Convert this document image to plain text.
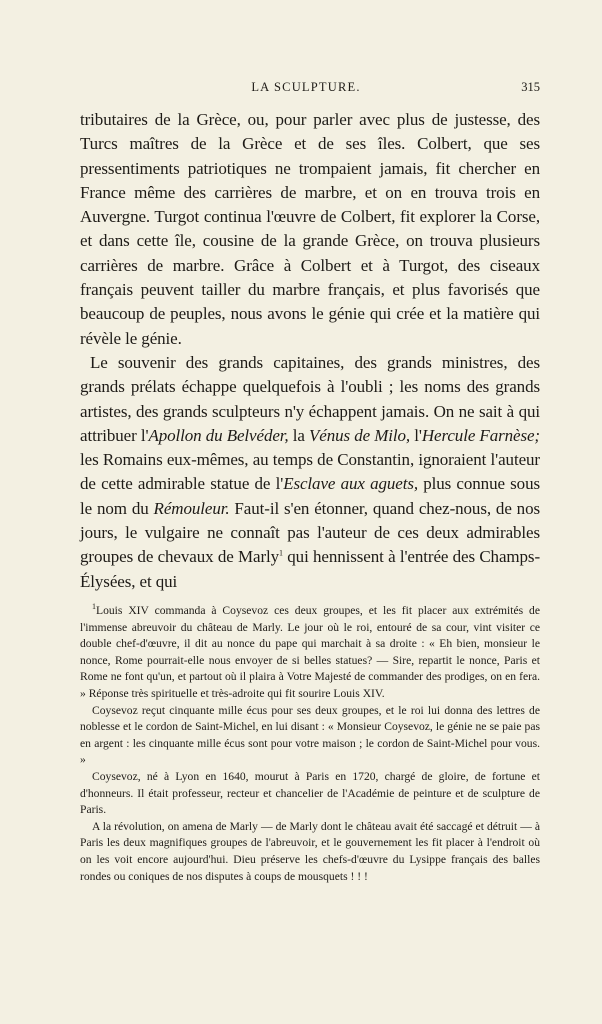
LA SCULPTURE.	315

tributaires de la Grèce, ou, pour parler avec plus de justesse, des Turcs maîtres de la Grèce et de ses îles. Colbert, que ses pressentiments patriotiques ne trompaient jamais, fit chercher en France même des carrières de marbre, et on en trouva trois en Auvergne. Turgot continua l'œuvre de Colbert, fit explorer la Corse, et dans cette île, cousine de la grande Grèce, on trouva plusieurs carrières de marbre. Grâce à Colbert et à Turgot, des ciseaux français peuvent tailler du marbre français, et plus favorisés que beaucoup de peuples, nous avons le génie qui crée et la matière qui révèle le génie.

Le souvenir des grands capitaines, des grands ministres, des grands prélats échappe quelquefois à l'oubli ; les noms des grands artistes, des grands sculpteurs n'y échappent jamais. On ne sait à qui attribuer l'Apollon du Belvéder, la Vénus de Milo, l'Hercule Farnèse; les Romains eux-mêmes, au temps de Constantin, ignoraient l'auteur de cette admirable statue de l'Esclave aux aguets, plus connue sous le nom du Rémouleur. Faut-il s'en étonner, quand chez-nous, de nos jours, le vulgaire ne connaît pas l'auteur de ces deux admirables groupes de chevaux de Marly$^1$ qui hennissent à l'entrée des Champs-Élysées, et qui

$^1$Louis XIV commanda à Coysevoz ces deux groupes, et les fit placer aux extrémités de l'immense abreuvoir du château de Marly. Le jour où le roi, entouré de sa cour, vint visiter ce double chef-d'œuvre, il dit au nonce du pape qui marchait à sa droite : « Eh bien, monsieur le nonce, Rome pourrait-elle nous envoyer de si belles statues? — Sire, repartit le nonce, Paris et Rome ne font qu'un, et partout où il plaira à Votre Majesté de commander des prodiges, on en fera. » Réponse très spirituelle et très-adroite qui fit sourire Louis XIV.

Coysevoz reçut cinquante mille écus pour ses deux groupes, et le roi lui donna des lettres de noblesse et le cordon de Saint-Michel, en lui disant : « Monsieur Coysevoz, le génie ne se paie pas en argent : les cinquante mille écus sont pour votre maison ; le cordon de Saint-Michel pour vous. »

Coysevoz, né à Lyon en 1640, mourut à Paris en 1720, chargé de gloire, de fortune et d'honneurs. Il était professeur, recteur et chancelier de l'Académie de peinture et de sculpture de Paris.

A la révolution, on amena de Marly — de Marly dont le château avait été saccagé et détruit — à Paris les deux magnifiques groupes de l'abreuvoir, et le gouvernement les fit placer à l'endroit où on les voit encore aujourd'hui. Dieu préserve les chefs-d'œuvre du Lysippe français des balles rondes ou coniques de nos disputes à coups de mousquets ! ! !
